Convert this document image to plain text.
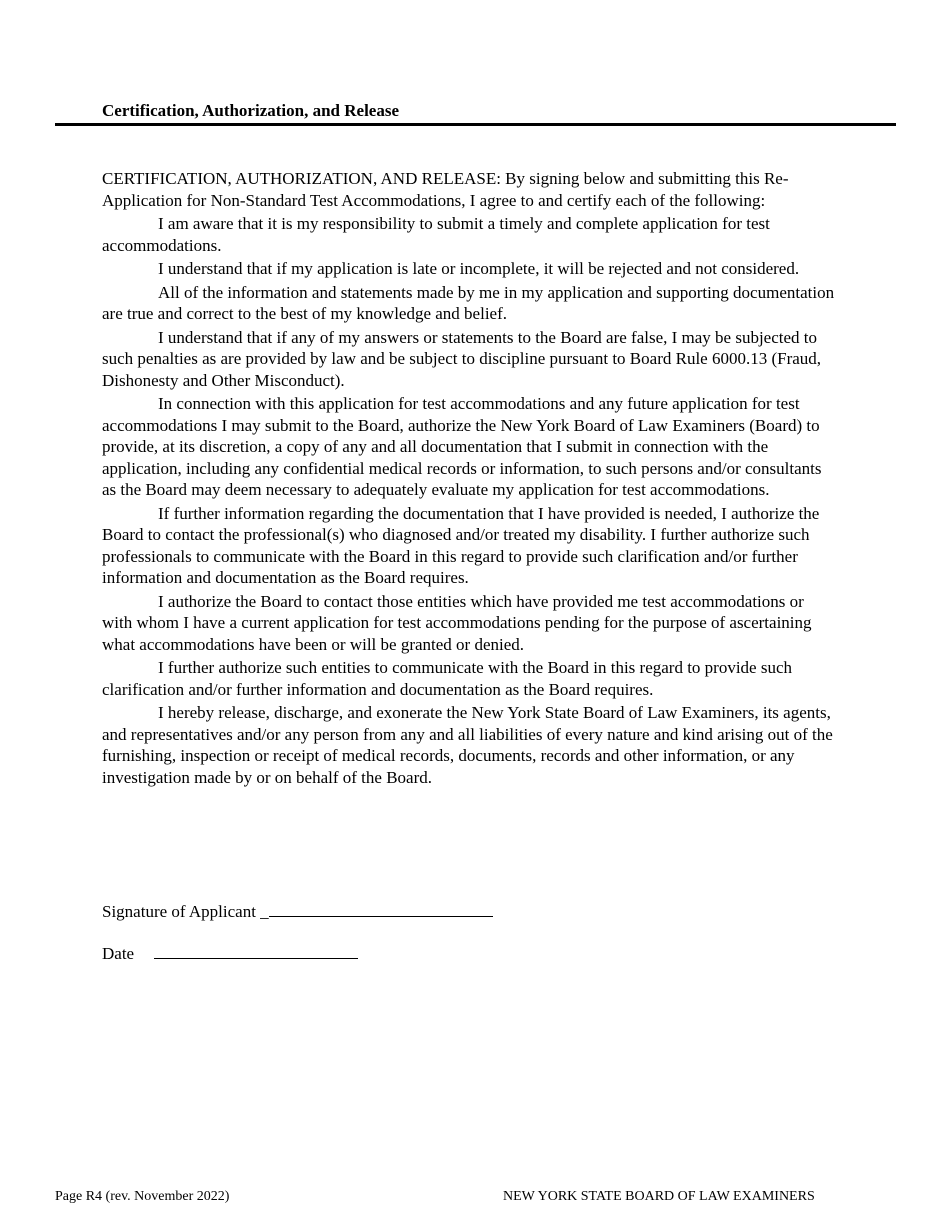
Certification, Authorization, and Release

CERTIFICATION, AUTHORIZATION, AND RELEASE: By signing below and submitting this Re-Application for Non-Standard Test Accommodations, I agree to and certify each of the following:

I am aware that it is my responsibility to submit a timely and complete application for test accommodations.

I understand that if my application is late or incomplete, it will be rejected and not considered.

All of the information and statements made by me in my application and supporting documentation are true and correct to the best of my knowledge and belief.

I understand that if any of my answers or statements to the Board are false, I may be subjected to such penalties as are provided by law and be subject to discipline pursuant to Board Rule 6000.13 (Fraud, Dishonesty and Other Misconduct).

In connection with this application for test accommodations and any future application for test accommodations I may submit to the Board, authorize the New York Board of Law Examiners (Board) to provide, at its discretion, a copy of any and all documentation that I submit in connection with the application, including any confidential medical records or information, to such persons and/or consultants as the Board may deem necessary to adequately evaluate my application for test accommodations.

If further information regarding the documentation that I have provided is needed, I authorize the Board to contact the professional(s) who diagnosed and/or treated my disability. I further authorize such professionals to communicate with the Board in this regard to provide such clarification and/or further information and documentation as the Board requires.

I authorize the Board to contact those entities which have provided me test accommodations or with whom I have a current application for test accommodations pending for the purpose of ascertaining what accommodations have been or will be granted or denied.

I further authorize such entities to communicate with the Board in this regard to provide such clarification and/or further information and documentation as the Board requires.

I hereby release, discharge, and exonerate the New York State Board of Law Examiners, its agents, and representatives and/or any person from any and all liabilities of every nature and kind arising out of the furnishing, inspection or receipt of medical records, documents, records and other information, or any investigation made by or on behalf of the Board.

Signature of Applicant _
Date
Page R4 (rev. November 2022)	NEW YORK STATE BOARD OF LAW EXAMINERS
